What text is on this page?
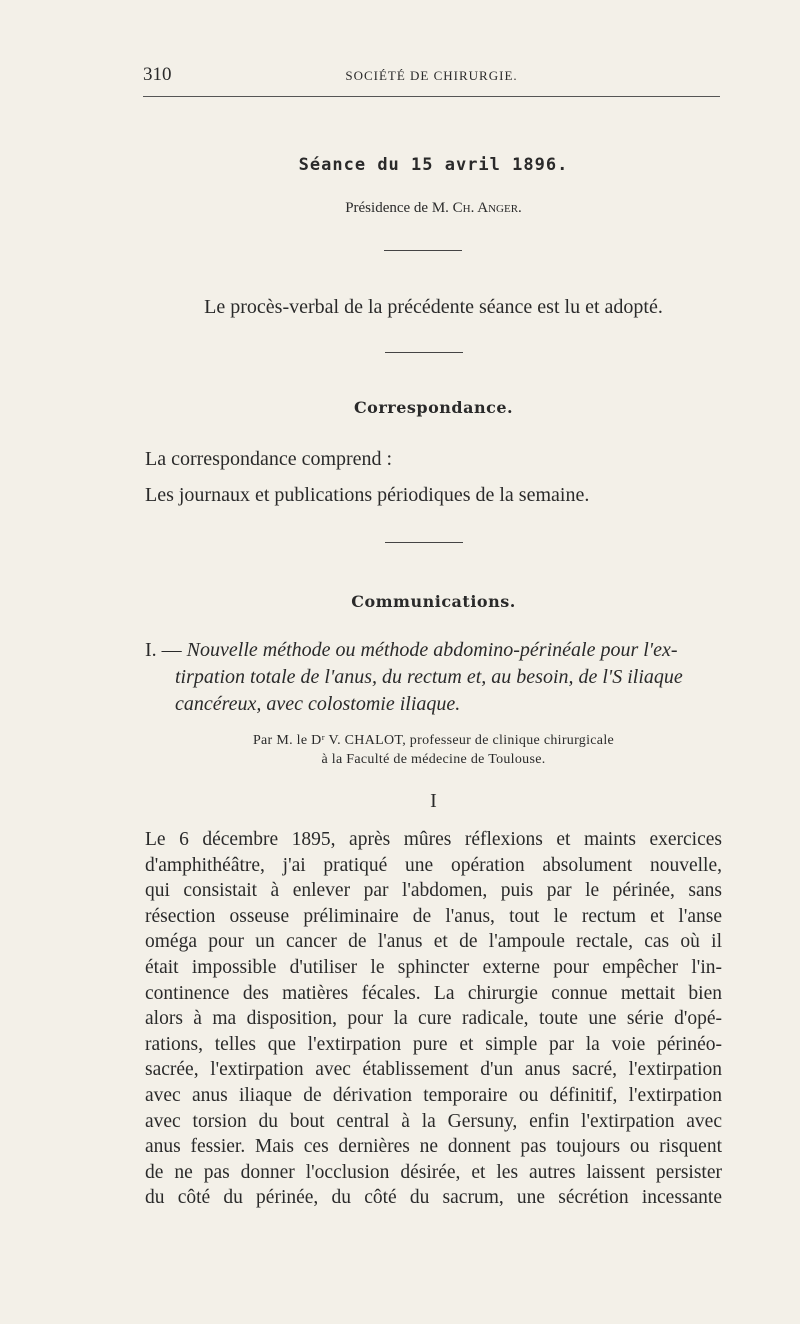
310	SOCIÉTÉ DE CHIRURGIE.
Séance du 15 avril 1896.
Présidence de M. Ch. Anger.
Le procès-verbal de la précédente séance est lu et adopté.
Correspondance.
La correspondance comprend :
Les journaux et publications périodiques de la semaine.
Communications.
I. — Nouvelle méthode ou méthode abdomino-périnéale pour l'ex-
tirpation totale de l'anus, du rectum et, au besoin, de l'S iliaque
cancéreux, avec colostomie iliaque.
Par M. le Dʳ V. CHALOT, professeur de clinique chirurgicale
à la Faculté de médecine de Toulouse.
I
Le 6 décembre 1895, après mûres réflexions et maints exercices
d'amphithéâtre, j'ai pratiqué une opération absolument nouvelle,
qui consistait à enlever par l'abdomen, puis par le périnée, sans
résection osseuse préliminaire de l'anus, tout le rectum et l'anse
oméga pour un cancer de l'anus et de l'ampoule rectale, cas où il
était impossible d'utiliser le sphincter externe pour empêcher l'in-
continence des matières fécales. La chirurgie connue mettait bien
alors à ma disposition, pour la cure radicale, toute une série d'opé-
rations, telles que l'extirpation pure et simple par la voie périnéo-
sacrée, l'extirpation avec établissement d'un anus sacré, l'extirpation
avec anus iliaque de dérivation temporaire ou définitif, l'extirpation
avec torsion du bout central à la Gersuny, enfin l'extirpation avec
anus fessier. Mais ces dernières ne donnent pas toujours ou risquent
de ne pas donner l'occlusion désirée, et les autres laissent persister
du côté du périnée, du côté du sacrum, une sécrétion incessante
